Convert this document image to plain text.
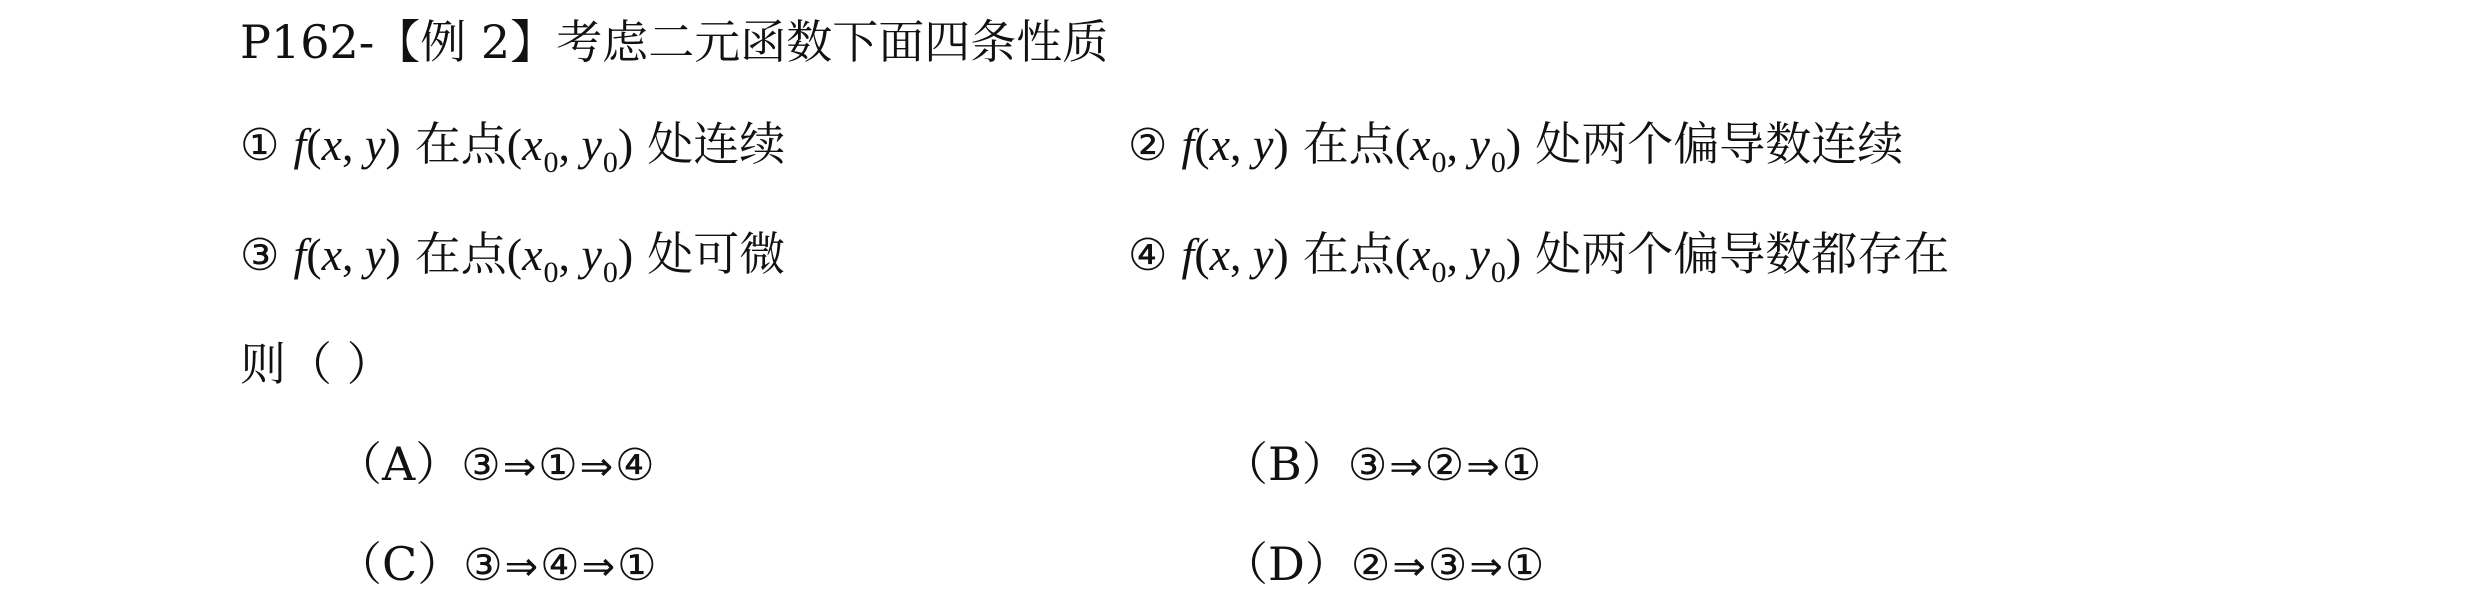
P162-【例 2】考虑二元函数下面四条性质
① f(x, y) 在点($x_0$, $y_0$) 处连续	② f(x, y) 在点($x_0$, $y_0$) 处两个偏导数连续
③ f(x, y) 在点($x_0$, $y_0$) 处可微	④ f(x, y) 在点($x_0$, $y_0$) 处两个偏导数都存在
则（ ）
（A）③⇒①⇒④	（B）③⇒②⇒①
（C）③⇒④⇒①	（D）②⇒③⇒①
